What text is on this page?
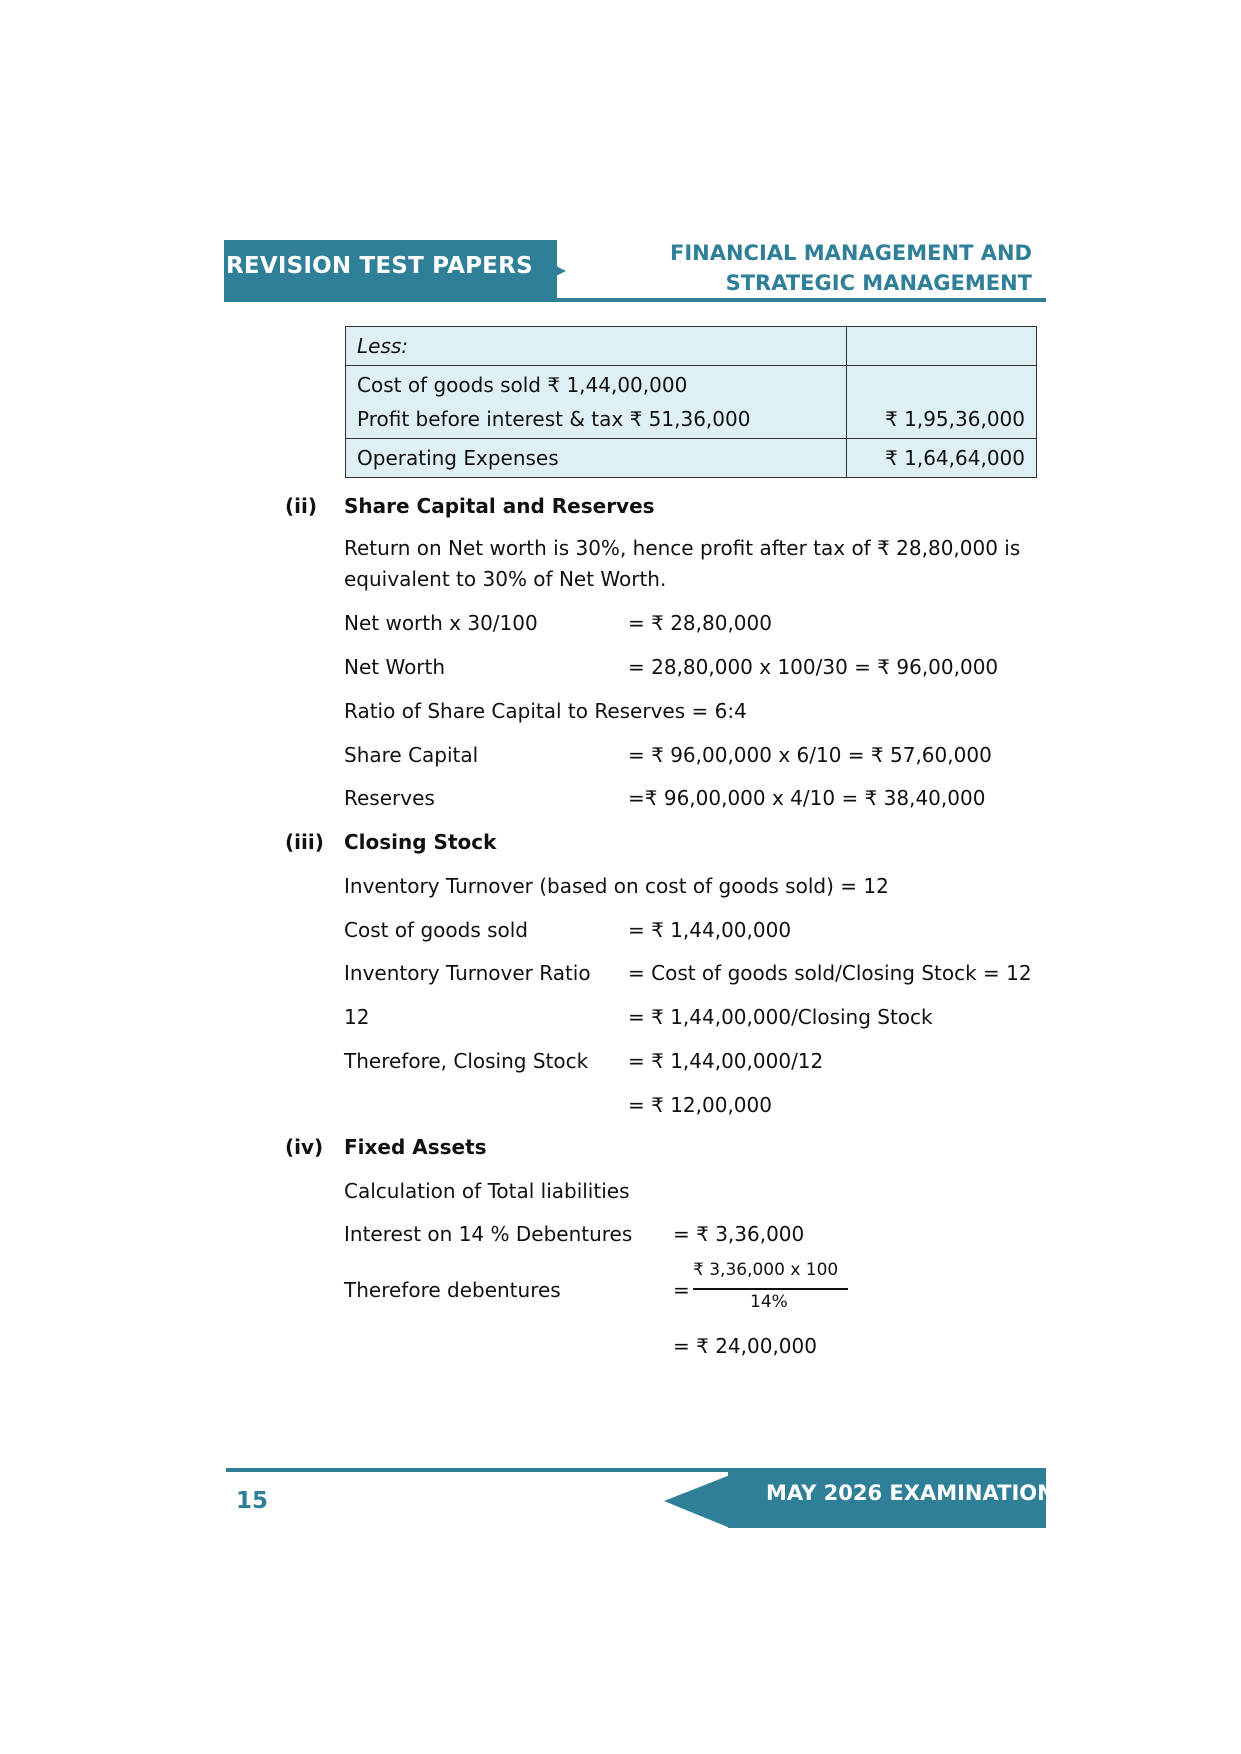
REVISION TEST PAPERS	FINANCIAL MANAGEMENT AND
STRATEGIC MANAGEMENT
Less:	

Cost of goods sold ₹ 1,44,00,000
Profit before interest & tax ₹ 51,36,000	₹ 1,95,36,000

Operating Expenses	₹ 1,64,64,000
(ii) Share Capital and Reserves
Return on Net worth is 30%, hence profit after tax of ₹ 28,80,000 is
equivalent to 30% of Net Worth.
Net worth x 30/100	= ₹ 28,80,000
Net Worth	= 28,80,000 x 100/30 = ₹ 96,00,000
Ratio of Share Capital to Reserves = 6:4
Share Capital	= ₹ 96,00,000 x 6/10 = ₹ 57,60,000
Reserves	=₹ 96,00,000 x 4/10 = ₹ 38,40,000
(iii) Closing Stock
Inventory Turnover (based on cost of goods sold) = 12
Cost of goods sold	= ₹ 1,44,00,000
Inventory Turnover Ratio = Cost of goods sold/Closing Stock = 12
12	= ₹ 1,44,00,000/Closing Stock
Therefore, Closing Stock = ₹ 1,44,00,000/12
= ₹ 12,00,000
(iv) Fixed Assets
Calculation of Total liabilities
Interest on 14 % Debentures = ₹ 3,36,000
Therefore debentures	=
₹ 3,36,000 x 100
14%
= ₹ 24,00,000
MAY 2026 EXAMINATION
15
